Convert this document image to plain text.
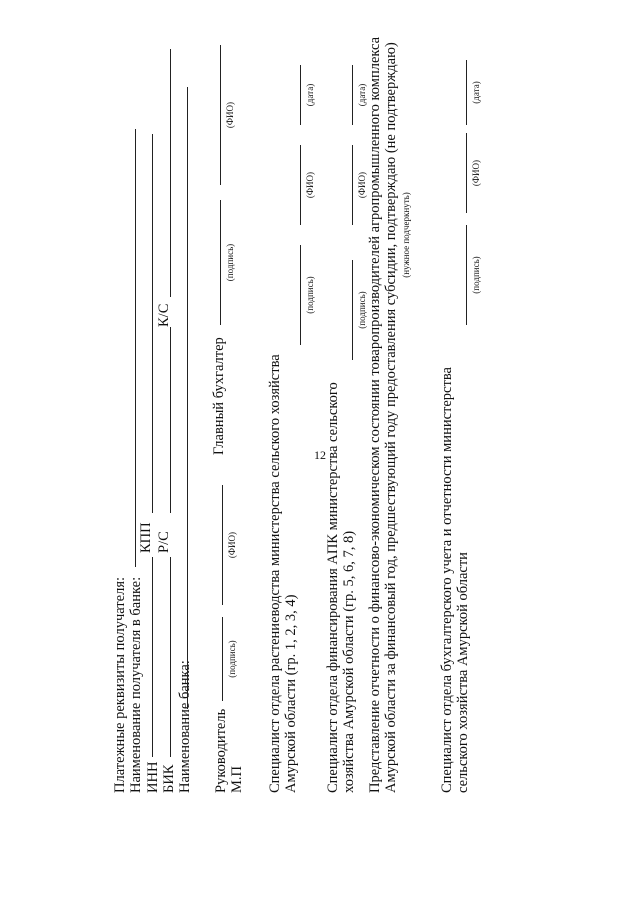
12
Платежные реквизиты получателя: Наименование получателя в банке: ИНН
КПП
БИК
Р/С
К/С
Наименование банка: Руководитель М.П
(подпись)
(ФИО)
Главный бухгалтер
(подпись)
(ФИО)
Специалист отдела растениеводства министерства сельского хозяйства Амурской области (гр. 1, 2, 3, 4)
(подпись)
(ФИО)
(дата)
Специалист отдела финансирования АПК министерства сельского хозяйства Амурской области (гр. 5, 6, 7, 8)
(подпись)
(ФИО)
(дата) Представление отчетности о финансово-экономическом состоянии товаропроизводителей агропромышленного комплекса Амурской области за финансовый год, предшествующий году предоставления субсидии, подтверждаю (не подтверждаю) (нужное подчеркнуть)
Специалист отдела бухгалтерского учета и отчетности министерства сельского хозяйства Амурской области
(подпись)
(ФИО)
(дата)
